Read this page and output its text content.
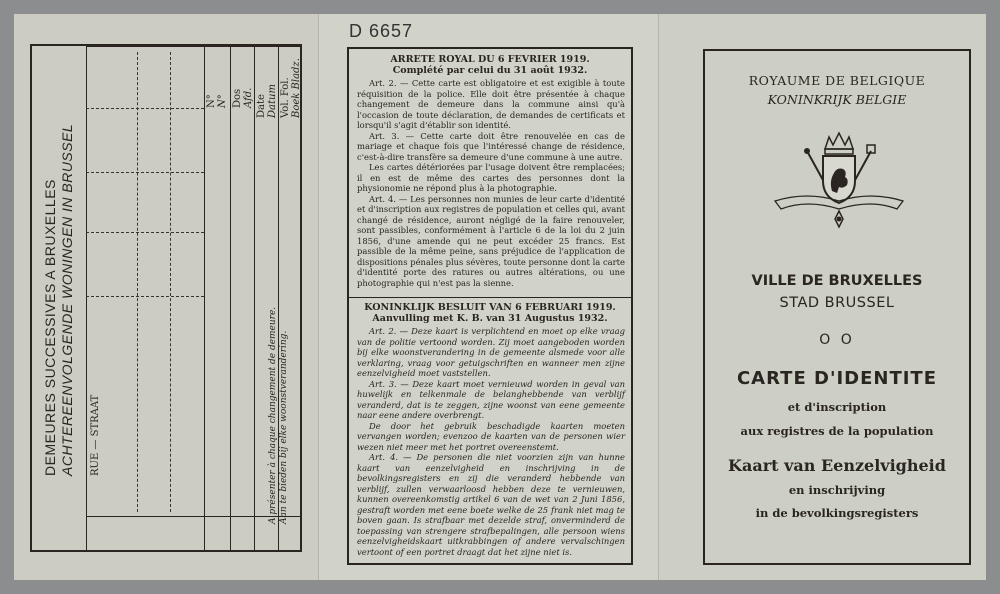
DEMEURES SUCCESSIVES A BRUXELLES ACHTEREENVOLGENDE WONINGEN IN BRUSSEL RUE — STRAAT
N° N° Dos Afd. Date Datum Vol. Fol. Boek Bladz.
A présenter à chaque changement de demeure. Aan te bieden bij elke woonstverandering.
D 6657
ARRETE ROYAL DU 6 FEVRIER 1919.
Complété par celui du 31 août 1932.

Art. 2. — Cette carte est obligatoire et est exigible à toute réquisition de la police. Elle doit être présentée à chaque changement de demeure dans la commune ainsi qu'à l'occasion de toute déclaration, de demandes de certificats et lorsqu'il s'agit d'établir son identité.

Art. 3. — Cette carte doit être renouvelée en cas de mariage et chaque fois que l'intéressé change de résidence, c'est-à-dire transfère sa demeure d'une commune à une autre.

Les cartes détériorées par l'usage doivent être remplacées; il en est de même des cartes des personnes dont la physionomie ne répond plus à la photographie.

Art. 4. — Les personnes non munies de leur carte d'identité et d'inscription aux registres de population et celles qui, avant changé de résidence, auront négligé de la faire renouveler, sont passibles, conformément à l'article 6 de la loi du 2 juin 1856, d'une amende qui ne peut excéder 25 francs. Est passible de la même peine, sans préjudice de l'application de dispositions pénales plus sévères, toute personne dont la carte d'identité porte des ratures ou autres altérations, ou une photographie qui n'est pas la sienne.

KONINKLIJK BESLUIT VAN 6 FEBRUARI 1919.
Aanvulling met K. B. van 31 Augustus 1932.

Art. 2. — Deze kaart is verplichtend en moet op elke vraag van de politie vertoond worden. Zij moet aangeboden worden bij elke woonstverandering in de gemeente alsmede voor alle verklaring, vraag voor getuigschriften en wanneer men zijne eenzelvigheid moet vaststellen.

Art. 3. — Deze kaart moet vernieuwd worden in geval van huwelijk en telkenmale de belanghebbende van verblijf veranderd, dat is te zeggen, zijne woonst van eene gemeente naar eene andere overbrengt.

De door het gebruik beschadigde kaarten moeten vervangen worden; evenzoo de kaarten van de personen wier wezen niet meer met het portret overeenstemt.

Art. 4. — De personen die niet voorzien zijn van hunne kaart van eenzelvigheid en inschrijving in de bevolkingsregisters en zij die veranderd hebbende van verblijf, zullen verwaarloosd hebben deze te vernieuwen, kunnen overeenkomstig artikel 6 van de wet van 2 Juni 1856, gestraft worden met eene boete welke de 25 frank niet mag te boven gaan. Is strafbaar met dezelde straf, onverminderd de toepassing van strengere strafbepalingen, alle persoon wiens eenzelvigheidskaart uitkrabbingen of andere vervalschingen vertoont of een portret draagt dat het zijne niet is.

ROYAUME DE BELGIQUE
KONINKRIJK BELGIE
VILLE DE BRUXELLES
STAD BRUSSEL
O O
CARTE D'IDENTITE
et d'inscription
aux registres de la population
Kaart van Eenzelvigheid
en inschrijving
in de bevolkingsregisters
